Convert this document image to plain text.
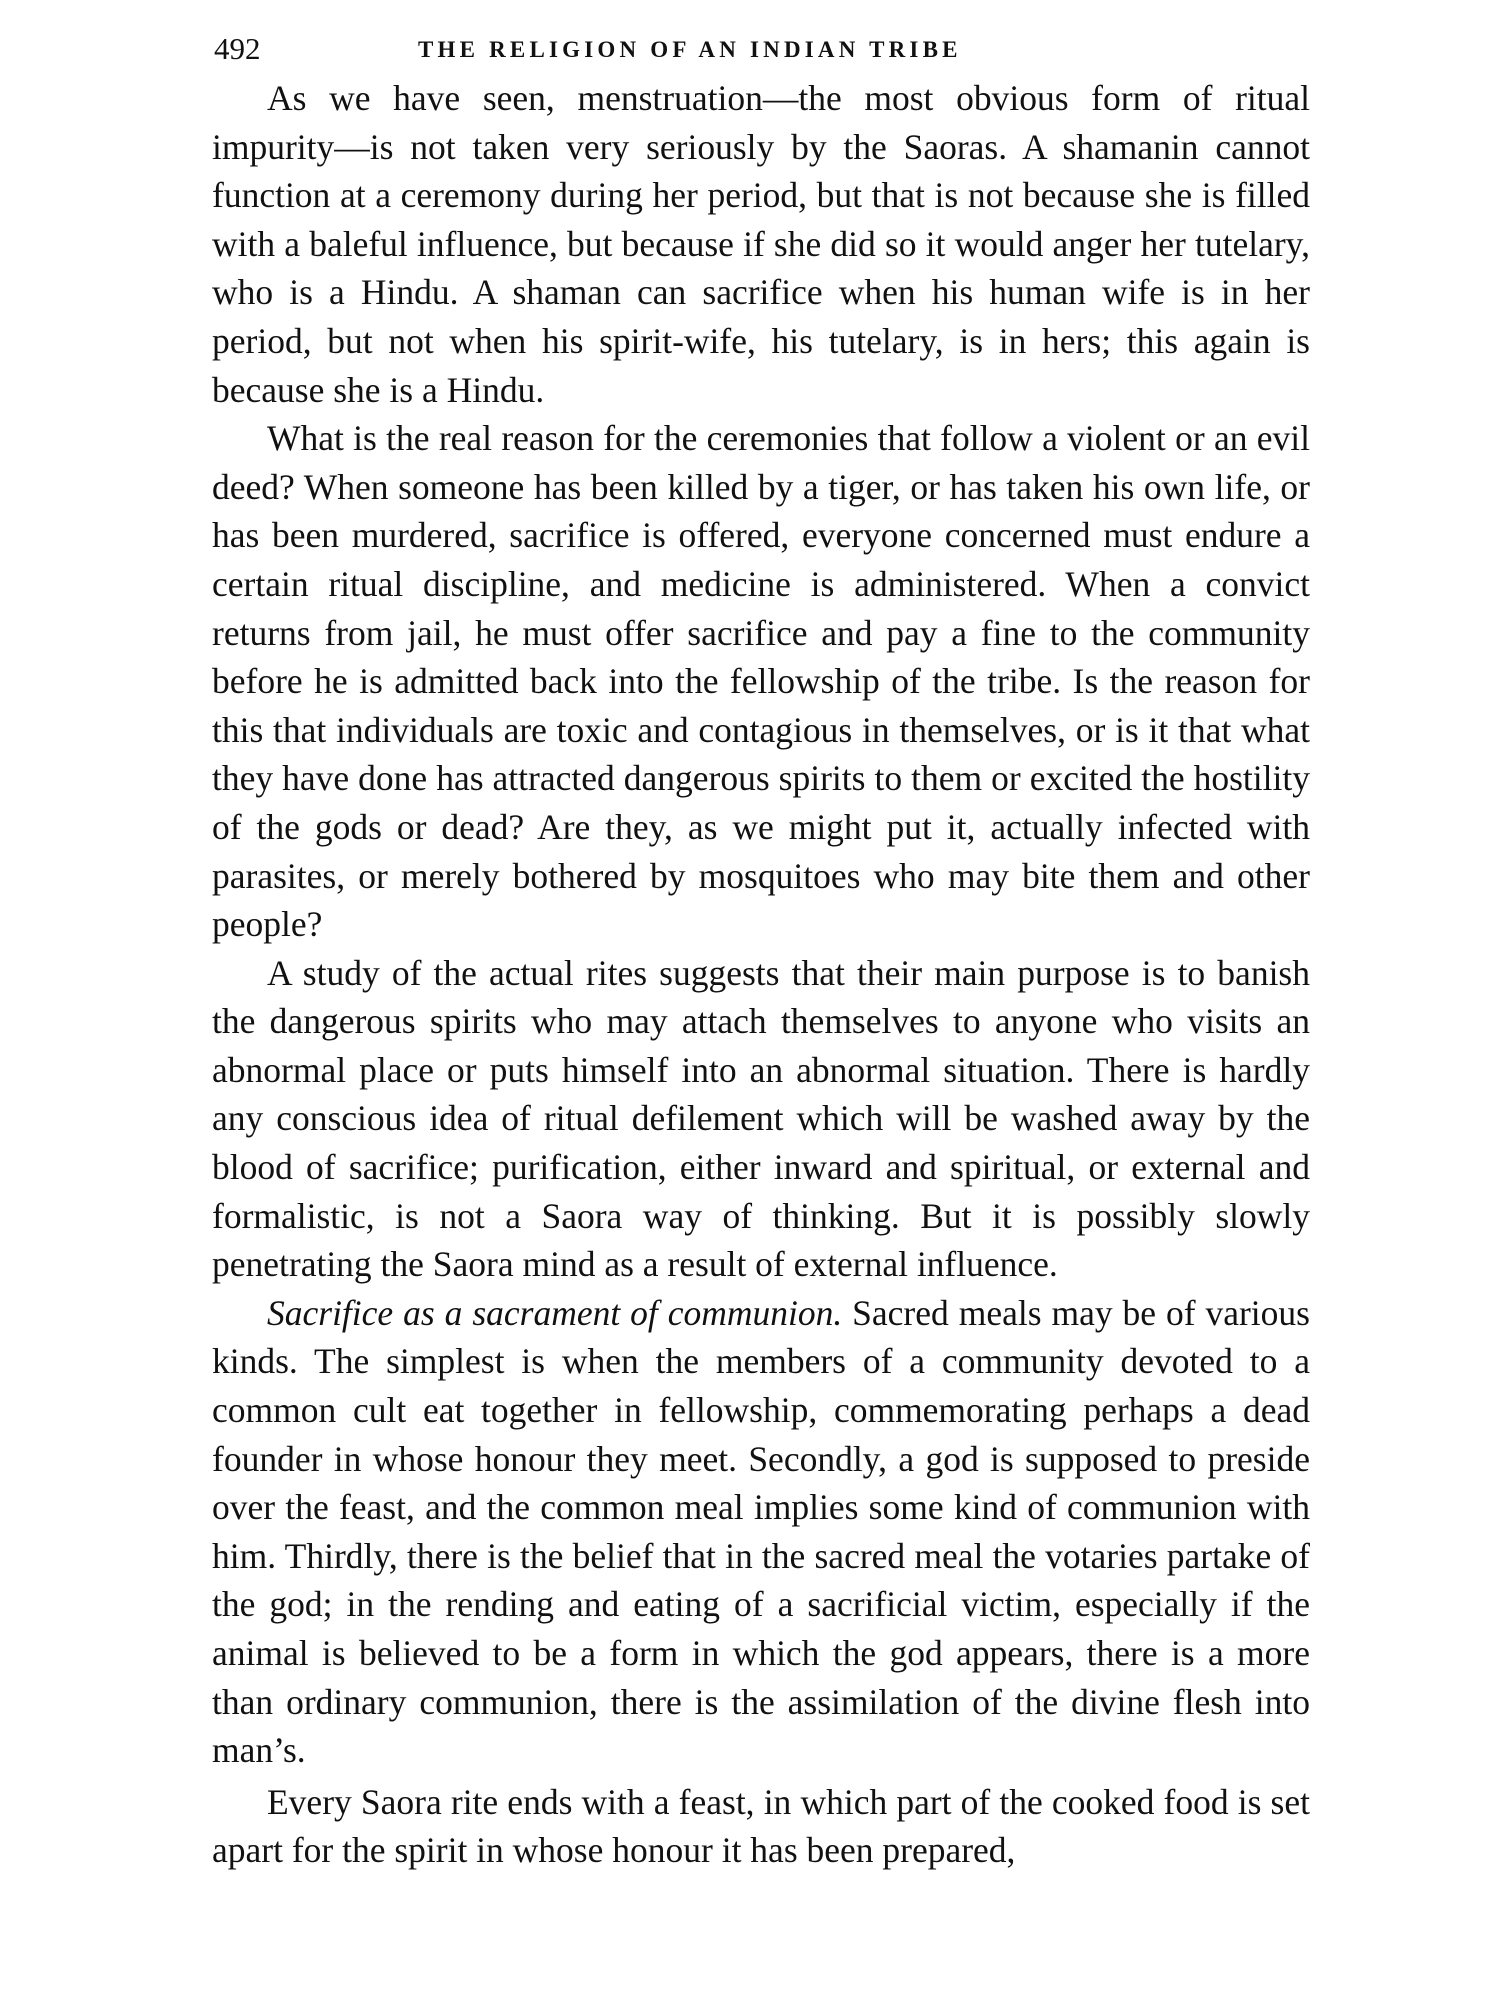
492	THE RELIGION OF AN INDIAN TRIBE

As we have seen, menstruation—the most obvious form of ritual impurity—is not taken very seriously by the Saoras. A shamanin cannot function at a ceremony during her period, but that is not because she is filled with a baleful influence, but because if she did so it would anger her tutelary, who is a Hindu. A shaman can sacrifice when his human wife is in her period, but not when his spirit-wife, his tutelary, is in hers; this again is because she is a Hindu.

What is the real reason for the ceremonies that follow a violent or an evil deed? When someone has been killed by a tiger, or has taken his own life, or has been murdered, sacrifice is offered, everyone concerned must endure a certain ritual discipline, and medicine is administered. When a convict returns from jail, he must offer sacrifice and pay a fine to the community before he is admitted back into the fellowship of the tribe. Is the reason for this that individuals are toxic and contagious in themselves, or is it that what they have done has attracted dangerous spirits to them or excited the hostility of the gods or dead? Are they, as we might put it, actually infected with parasites, or merely bothered by mosquitoes who may bite them and other people?

A study of the actual rites suggests that their main purpose is to banish the dangerous spirits who may attach themselves to anyone who visits an abnormal place or puts himself into an abnormal situation. There is hardly any conscious idea of ritual defilement which will be washed away by the blood of sacrifice; purification, either inward and spiritual, or external and formalistic, is not a Saora way of thinking. But it is possibly slowly penetrating the Saora mind as a result of external influence.

Sacrifice as a sacrament of communion. Sacred meals may be of various kinds. The simplest is when the members of a community devoted to a common cult eat together in fellowship, commemorating perhaps a dead founder in whose honour they meet. Secondly, a god is supposed to preside over the feast, and the common meal implies some kind of communion with him. Thirdly, there is the belief that in the sacred meal the votaries partake of the god; in the rending and eating of a sacrificial victim, especially if the animal is believed to be a form in which the god appears, there is a more than ordinary communion, there is the assimilation of the divine flesh into man’s.

Every Saora rite ends with a feast, in which part of the cooked food is set apart for the spirit in whose honour it has been prepared,
